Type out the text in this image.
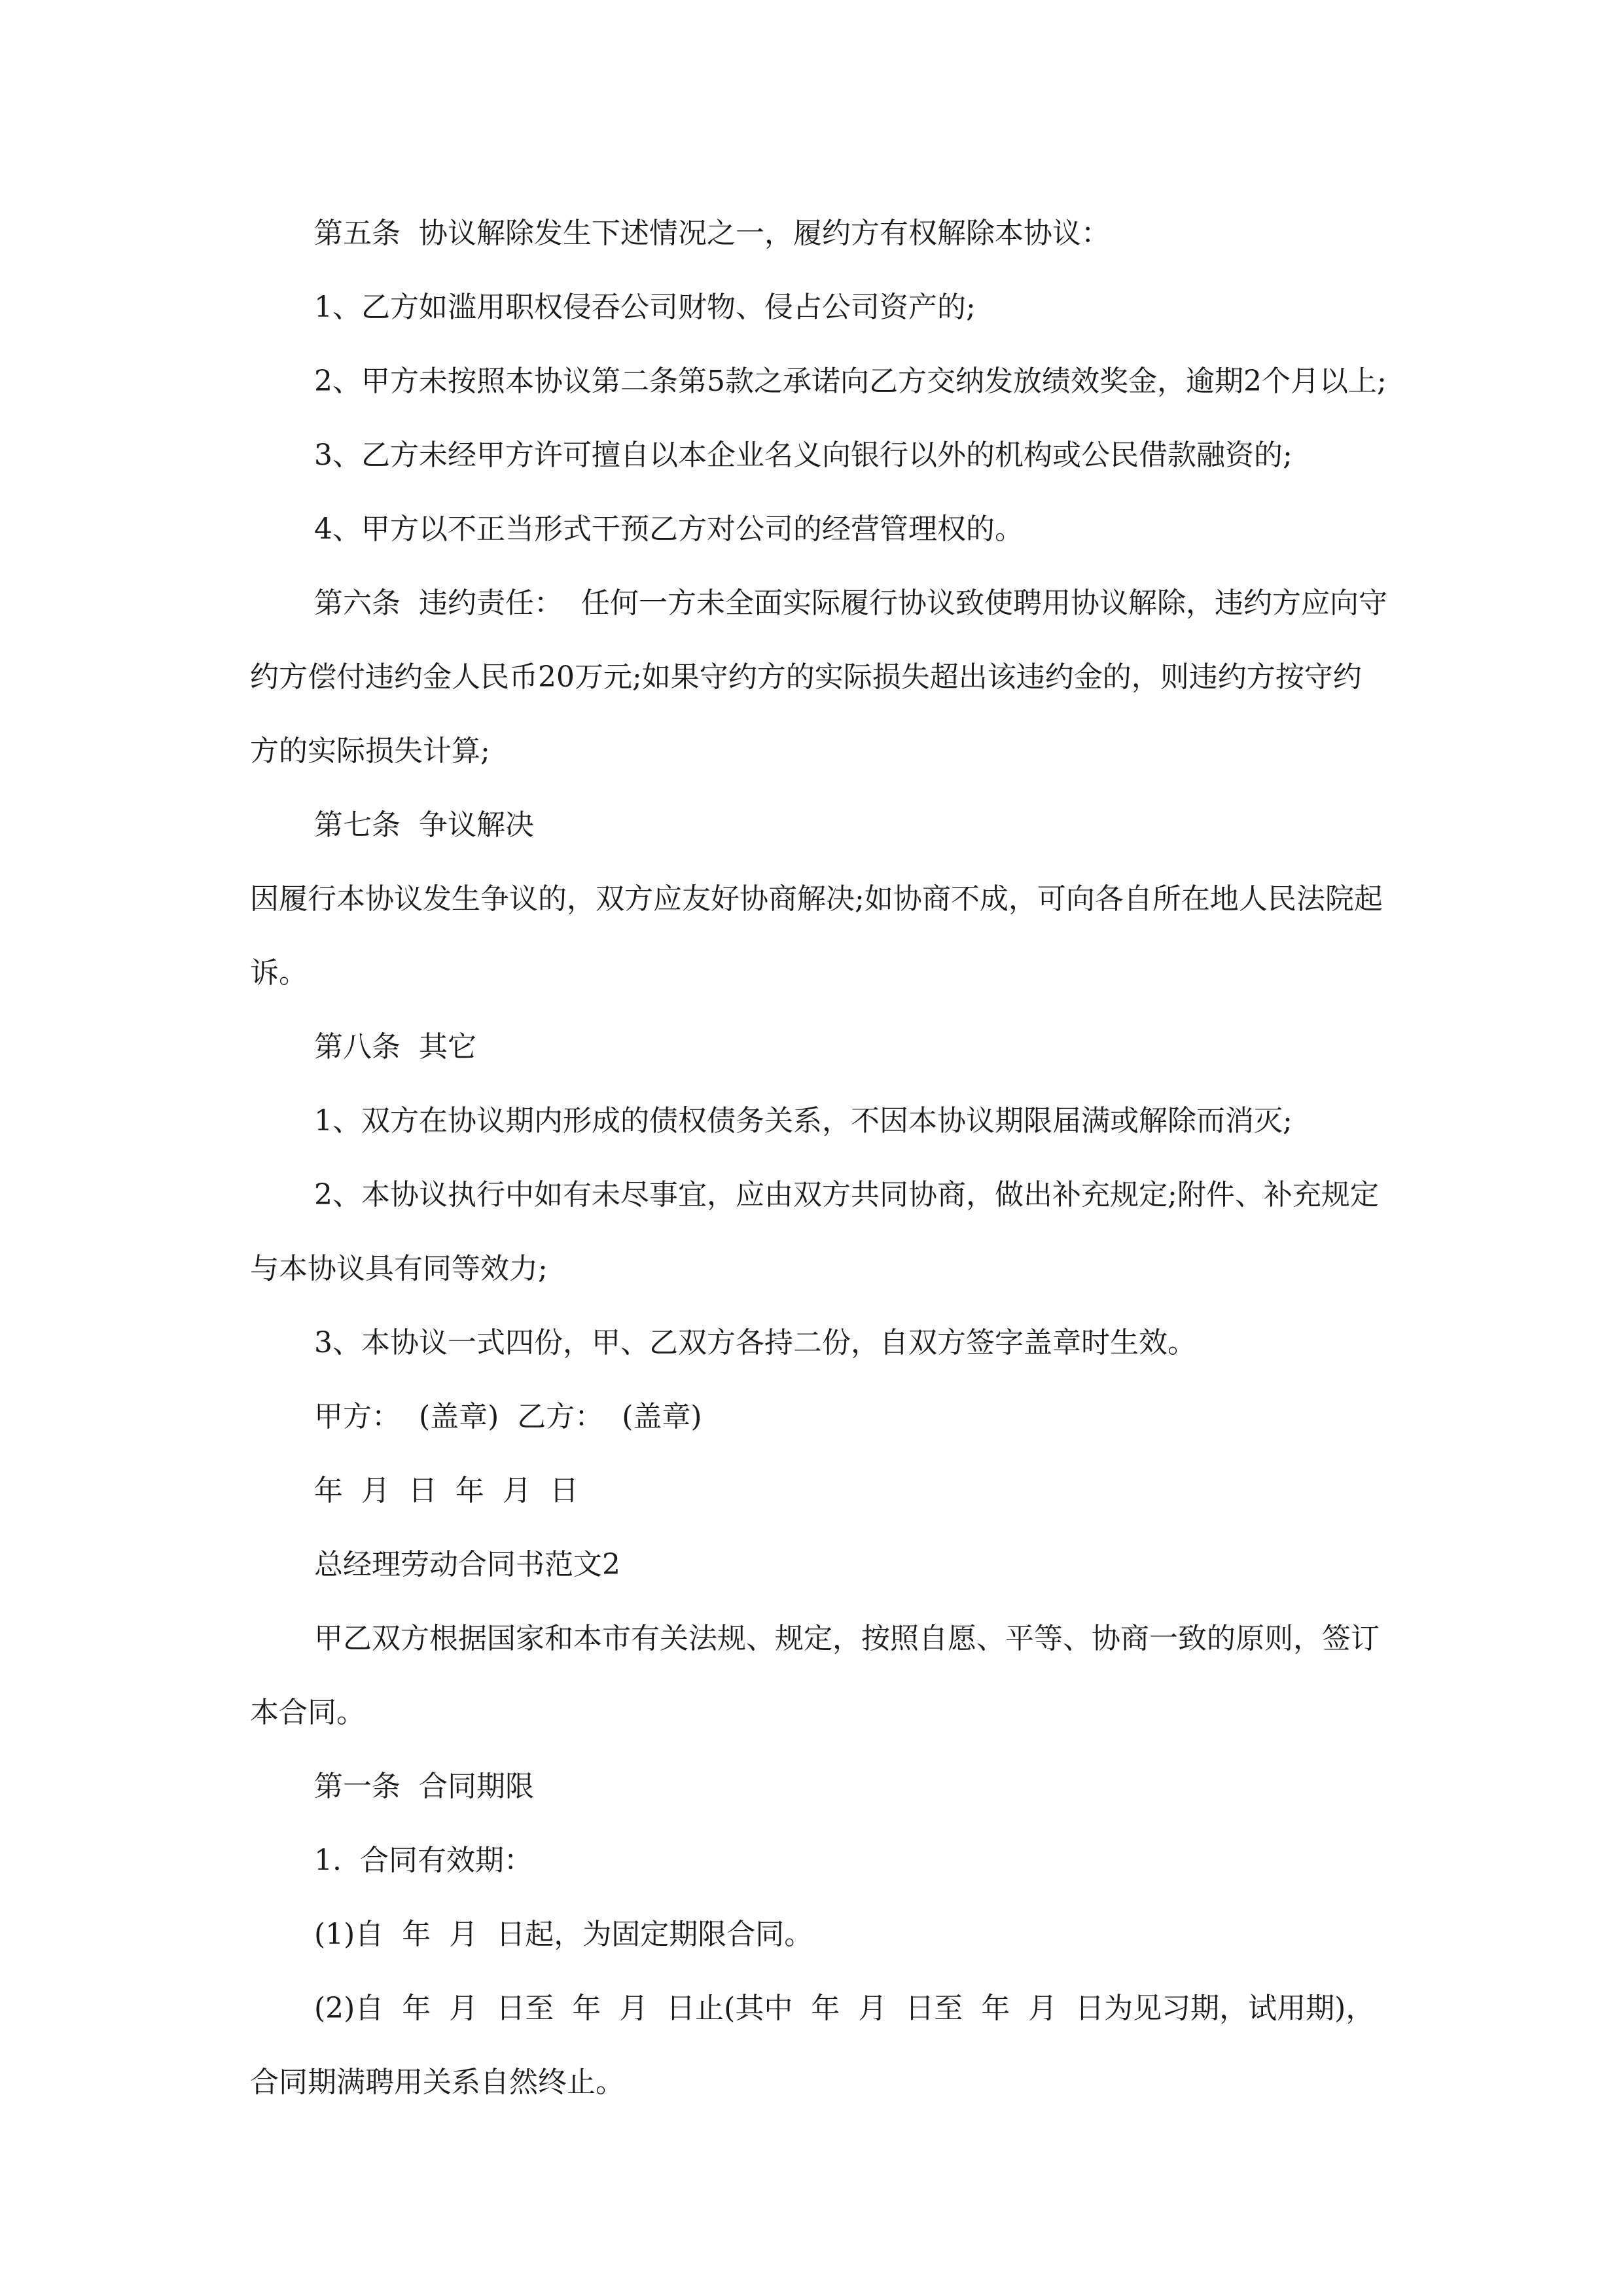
第五条  协议解除发生下述情况之一，履约方有权解除本协议：

1、乙方如滥用职权侵吞公司财物、侵占公司资产的;

2、甲方未按照本协议第二条第5款之承诺向乙方交纳发放绩效奖金，逾期2个月以上;

3、乙方未经甲方许可擅自以本企业名义向银行以外的机构或公民借款融资的;

4、甲方以不正当形式干预乙方对公司的经营管理权的。

第六条  违约责任：  任何一方未全面实际履行协议致使聘用协议解除，违约方应向守约方偿付违约金人民币20万元;如果守约方的实际损失超出该违约金的，则违约方按守约方的实际损失计算;

第七条  争议解决

因履行本协议发生争议的，双方应友好协商解决;如协商不成，可向各自所在地人民法院起诉。

第八条  其它

1、双方在协议期内形成的债权债务关系，不因本协议期限届满或解除而消灭;

2、本协议执行中如有未尽事宜，应由双方共同协商，做出补充规定;附件、补充规定与本协议具有同等效力;

3、本协议一式四份，甲、乙双方各持二份，自双方签字盖章时生效。

甲方：  (盖章)  乙方：  (盖章)

年  月  日  年  月  日

总经理劳动合同书范文2

甲乙双方根据国家和本市有关法规、规定，按照自愿、平等、协商一致的原则，签订本合同。

第一条  合同期限

1.  合同有效期：

(1)自  年  月  日起，为固定期限合同。

(2)自  年  月  日至  年  月  日止(其中  年  月  日至  年  月  日为见习期，试用期)，合同期满聘用关系自然终止。
